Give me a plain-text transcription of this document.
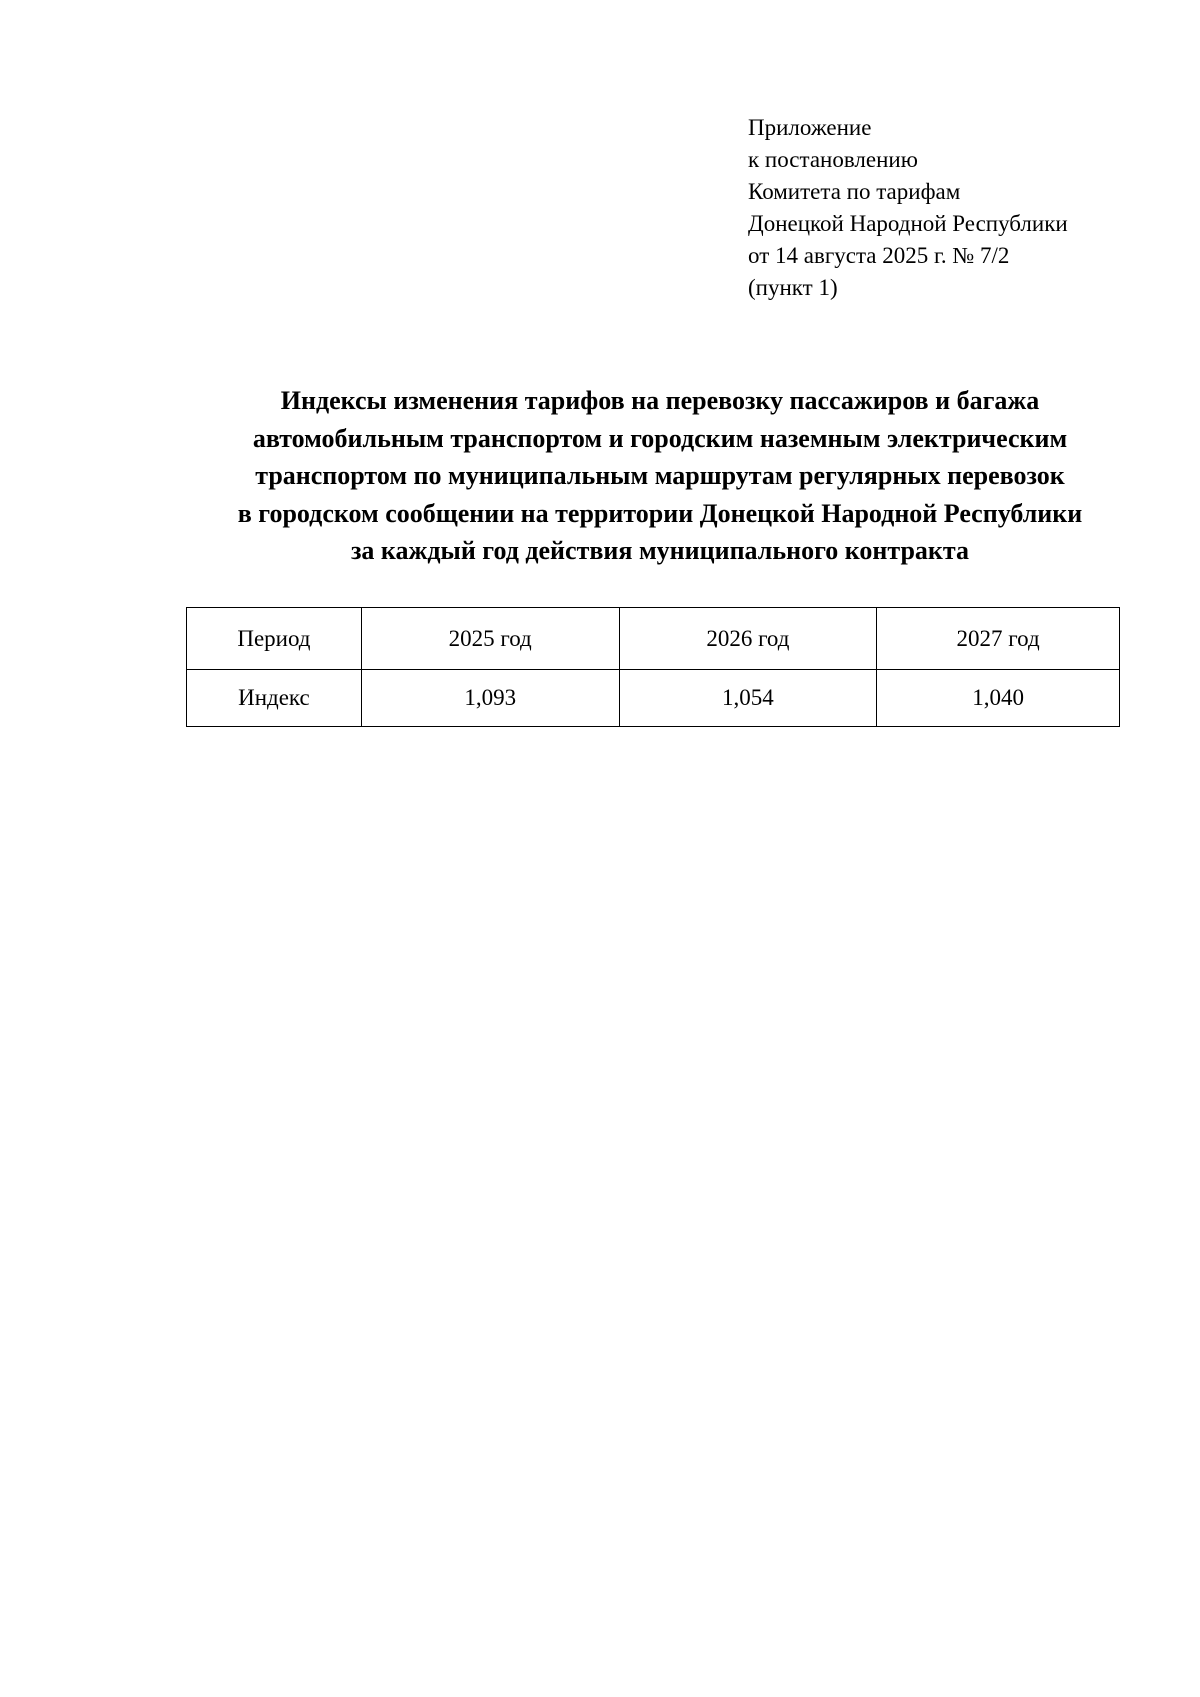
Приложение
к постановлению
Комитета по тарифам
Донецкой Народной Республики
от 14 августа 2025 г. № 7/2
(пункт 1)
Индексы изменения тарифов на перевозку пассажиров и багажа
автомобильным транспортом и городским наземным электрическим
транспортом по муниципальным маршрутам регулярных перевозок
в городском сообщении на территории Донецкой Народной Республики
за каждый год действия муниципального контракта
Период	2025 год	2026 год	2027 год
Индекс	1,093	1,054	1,040
